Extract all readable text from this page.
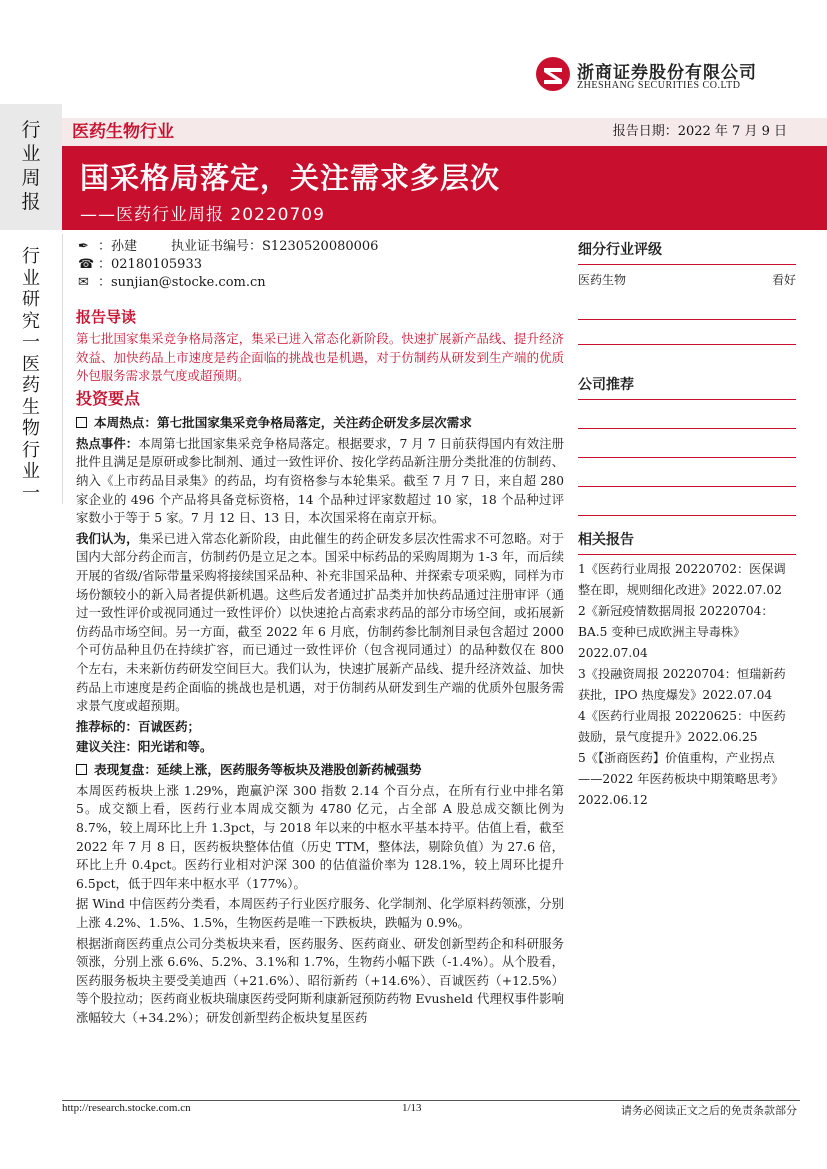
浙商证券股份有限公司
ZHESHANG SECURITIES CO.LTD
行
业
周
报
行
业
研
究
一
医
药
生
物
行
业
一
医药生物行业	报告日期：2022 年 7 月 9 日
国采格局落定，关注需求多层次
——医药行业周报 20220709
✒ ：孙建	执业证书编号：S1230520080006
☎ ：02180105933
✉ ：sunjian@stocke.com.cn
报告导读

第七批国家集采竞争格局落定，集采已进入常态化新阶段。快速扩展新产品线、提升经济效益、加快药品上市速度是药企面临的挑战也是机遇，对于仿制药从研发到生产端的优质外包服务需求景气度或超预期。

投资要点
本周热点：第七批国家集采竞争格局落定，关注药企研发多层次需求

热点事件：本周第七批国家集采竞争格局落定。根据要求，7 月 7 日前获得国内有效注册批件且满足是原研或参比制剂、通过一致性评价、按化学药品新注册分类批准的仿制药、纳入《上市药品目录集》的药品，均有资格参与本轮集采。截至 7 月 7 日，来自超 280 家企业的 496 个产品将具备竞标资格，14 个品种过评家数超过 10 家，18 个品种过评家数小于等于 5 家。7 月 12 日、13 日，本次国采将在南京开标。

我们认为，集采已进入常态化新阶段，由此催生的药企研发多层次性需求不可忽略。对于国内大部分药企而言，仿制药仍是立足之本。国采中标药品的采购周期为 1-3 年，而后续开展的省级/省际带量采购将接续国采品种、补充非国采品种、并探索专项采购，同样为市场份额较小的新入局者提供新机遇。这些后发者通过扩品类并加快药品通过注册审评（通过一致性评价或视同通过一致性评价）以快速抢占高索求药品的部分市场空间，或拓展新仿药品市场空间。另一方面，截至 2022 年 6 月底，仿制药参比制剂目录包含超过 2000 个可仿品种且仍在持续扩容，而已通过一致性评价（包含视同通过）的品种数仅在 800 个左右，未来新仿药研发空间巨大。我们认为，快速扩展新产品线、提升经济效益、加快药品上市速度是药企面临的挑战也是机遇，对于仿制药从研发到生产端的优质外包服务需求景气度或超预期。

推荐标的：百诚医药；

建议关注：阳光诺和等。

表现复盘：延续上涨，医药服务等板块及港股创新药械强势

本周医药板块上涨 1.29%，跑赢沪深 300 指数 2.14 个百分点，在所有行业中排名第 5。成交额上看，医药行业本周成交额为 4780 亿元，占全部 A 股总成交额比例为 8.7%，较上周环比上升 1.3pct，与 2018 年以来的中枢水平基本持平。估值上看，截至 2022 年 7 月 8 日，医药板块整体估值（历史 TTM，整体法，剔除负值）为 27.6 倍，环比上升 0.4pct。医药行业相对沪深 300 的估值溢价率为 128.1%，较上周环比提升 6.5pct，低于四年来中枢水平（177%）。

据 Wind 中信医药分类看，本周医药子行业医疗服务、化学制剂、化学原料药领涨，分别上涨 4.2%、1.5%、1.5%，生物医药是唯一下跌板块，跌幅为 0.9%。

根据浙商医药重点公司分类板块来看，医药服务、医药商业、研发创新型药企和科研服务领涨，分别上涨 6.6%、5.2%、3.1%和 1.7%，生物药小幅下跌（-1.4%）。从个股看，医药服务板块主要受美迪西（+21.6%）、昭衍新药（+14.6%）、百诚医药（+12.5%）等个股拉动；医药商业板块瑞康医药受阿斯利康新冠预防药物 Evusheld 代理权事件影响涨幅较大（+34.2%）；研发创新型药企板块复星医药

细分行业评级
医药生物	看好
公司推荐
相关报告
1《医药行业周报 20220702：医保调整在即，规则细化改进》2022.07.02
2《新冠疫情数据周报 20220704：BA.5 变种已成欧洲主导毒株》2022.07.04
3《投融资周报 20220704：恒瑞新药获批，IPO 热度爆发》2022.07.04
4《医药行业周报 20220625：中医药鼓励，景气度提升》2022.06.25
5《【浙商医药】价值重构，产业拐点——2022 年医药板块中期策略思考》2022.06.12
http://research.stocke.com.cn	1/13	请务必阅读正文之后的免责条款部分
